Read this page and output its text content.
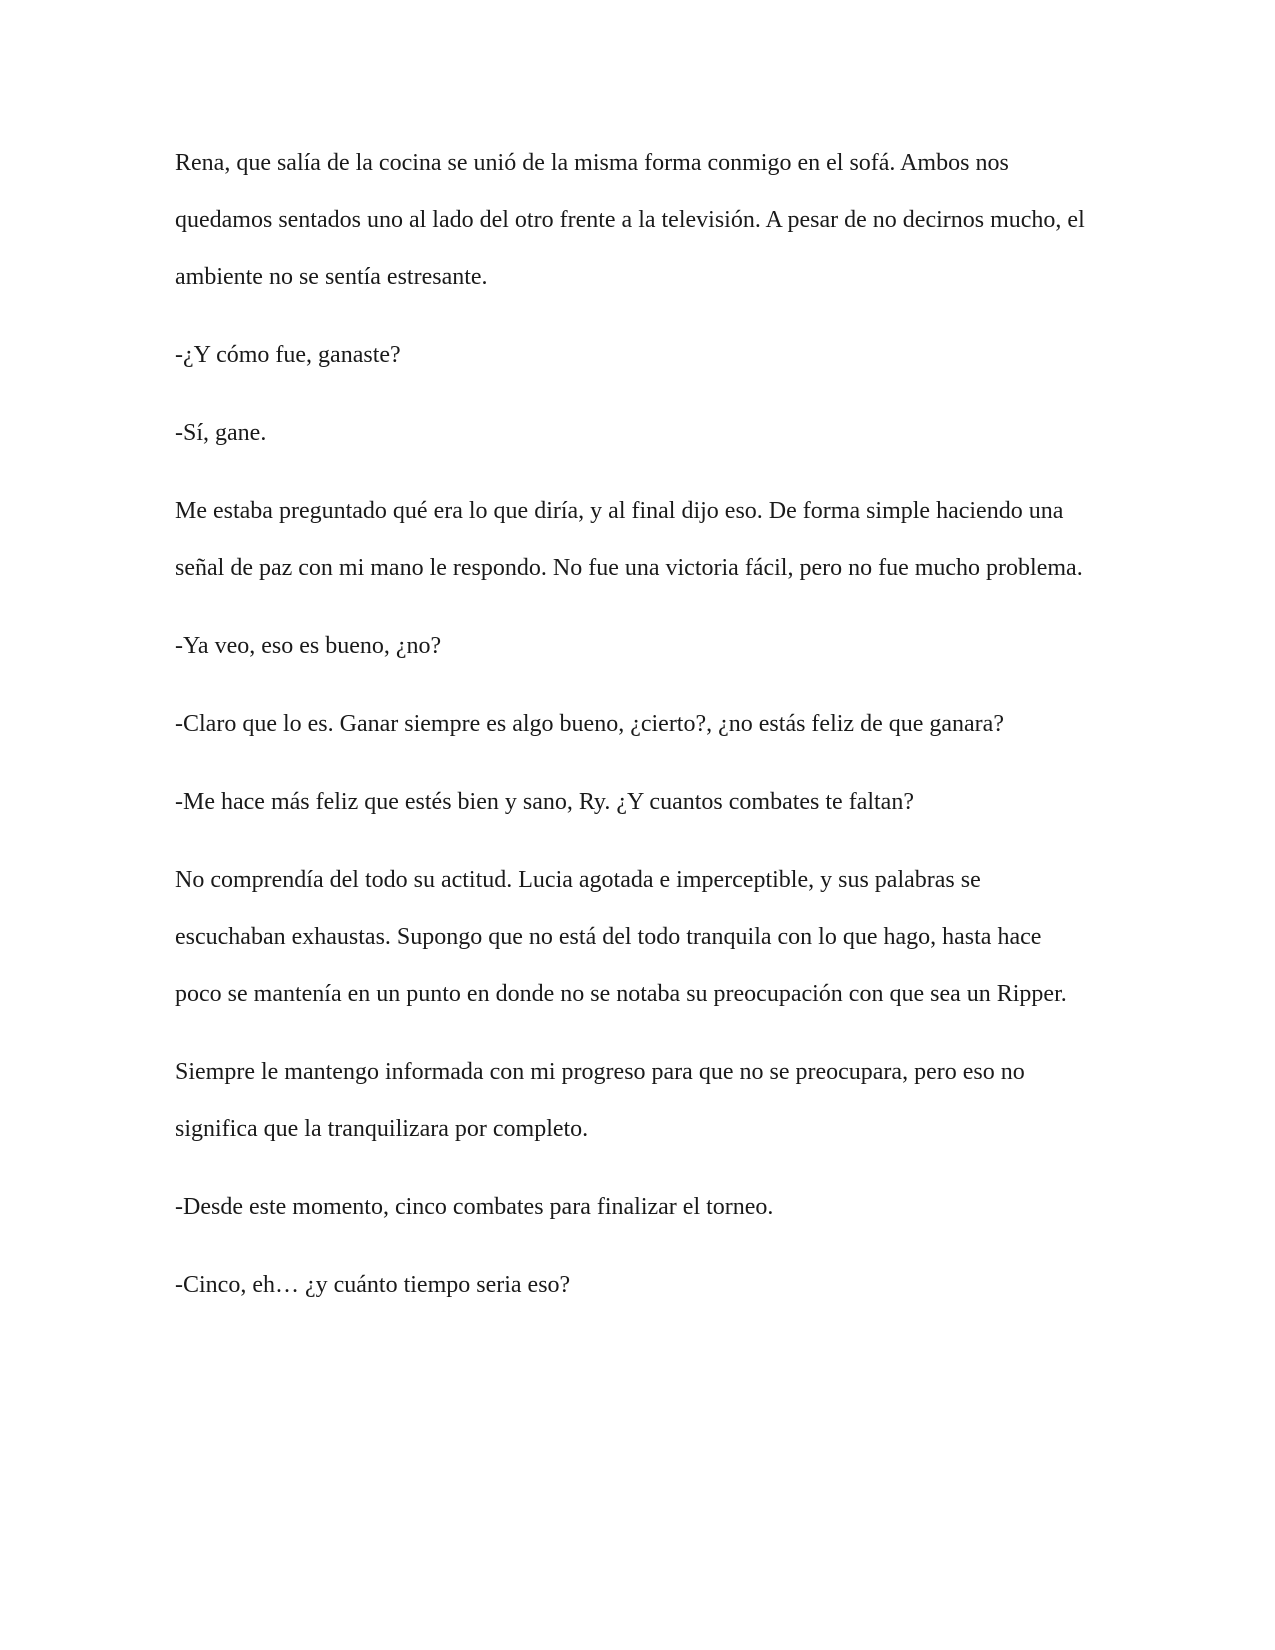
Rena, que salía de la cocina se unió de la misma forma conmigo en el sofá. Ambos nos quedamos sentados uno al lado del otro frente a la televisión. A pesar de no decirnos mucho, el ambiente no se sentía estresante.

-¿Y cómo fue, ganaste?

-Sí, gane.

Me estaba preguntado qué era lo que diría, y al final dijo eso. De forma simple haciendo una señal de paz con mi mano le respondo. No fue una victoria fácil, pero no fue mucho problema.

-Ya veo, eso es bueno, ¿no?

-Claro que lo es. Ganar siempre es algo bueno, ¿cierto?, ¿no estás feliz de que ganara?

-Me hace más feliz que estés bien y sano, Ry. ¿Y cuantos combates te faltan?

No comprendía del todo su actitud. Lucia agotada e imperceptible, y sus palabras se escuchaban exhaustas. Supongo que no está del todo tranquila con lo que hago, hasta hace poco se mantenía en un punto en donde no se notaba su preocupación con que sea un Ripper.

Siempre le mantengo informada con mi progreso para que no se preocupara, pero eso no significa que la tranquilizara por completo.

-Desde este momento, cinco combates para finalizar el torneo.

-Cinco, eh… ¿y cuánto tiempo seria eso?
